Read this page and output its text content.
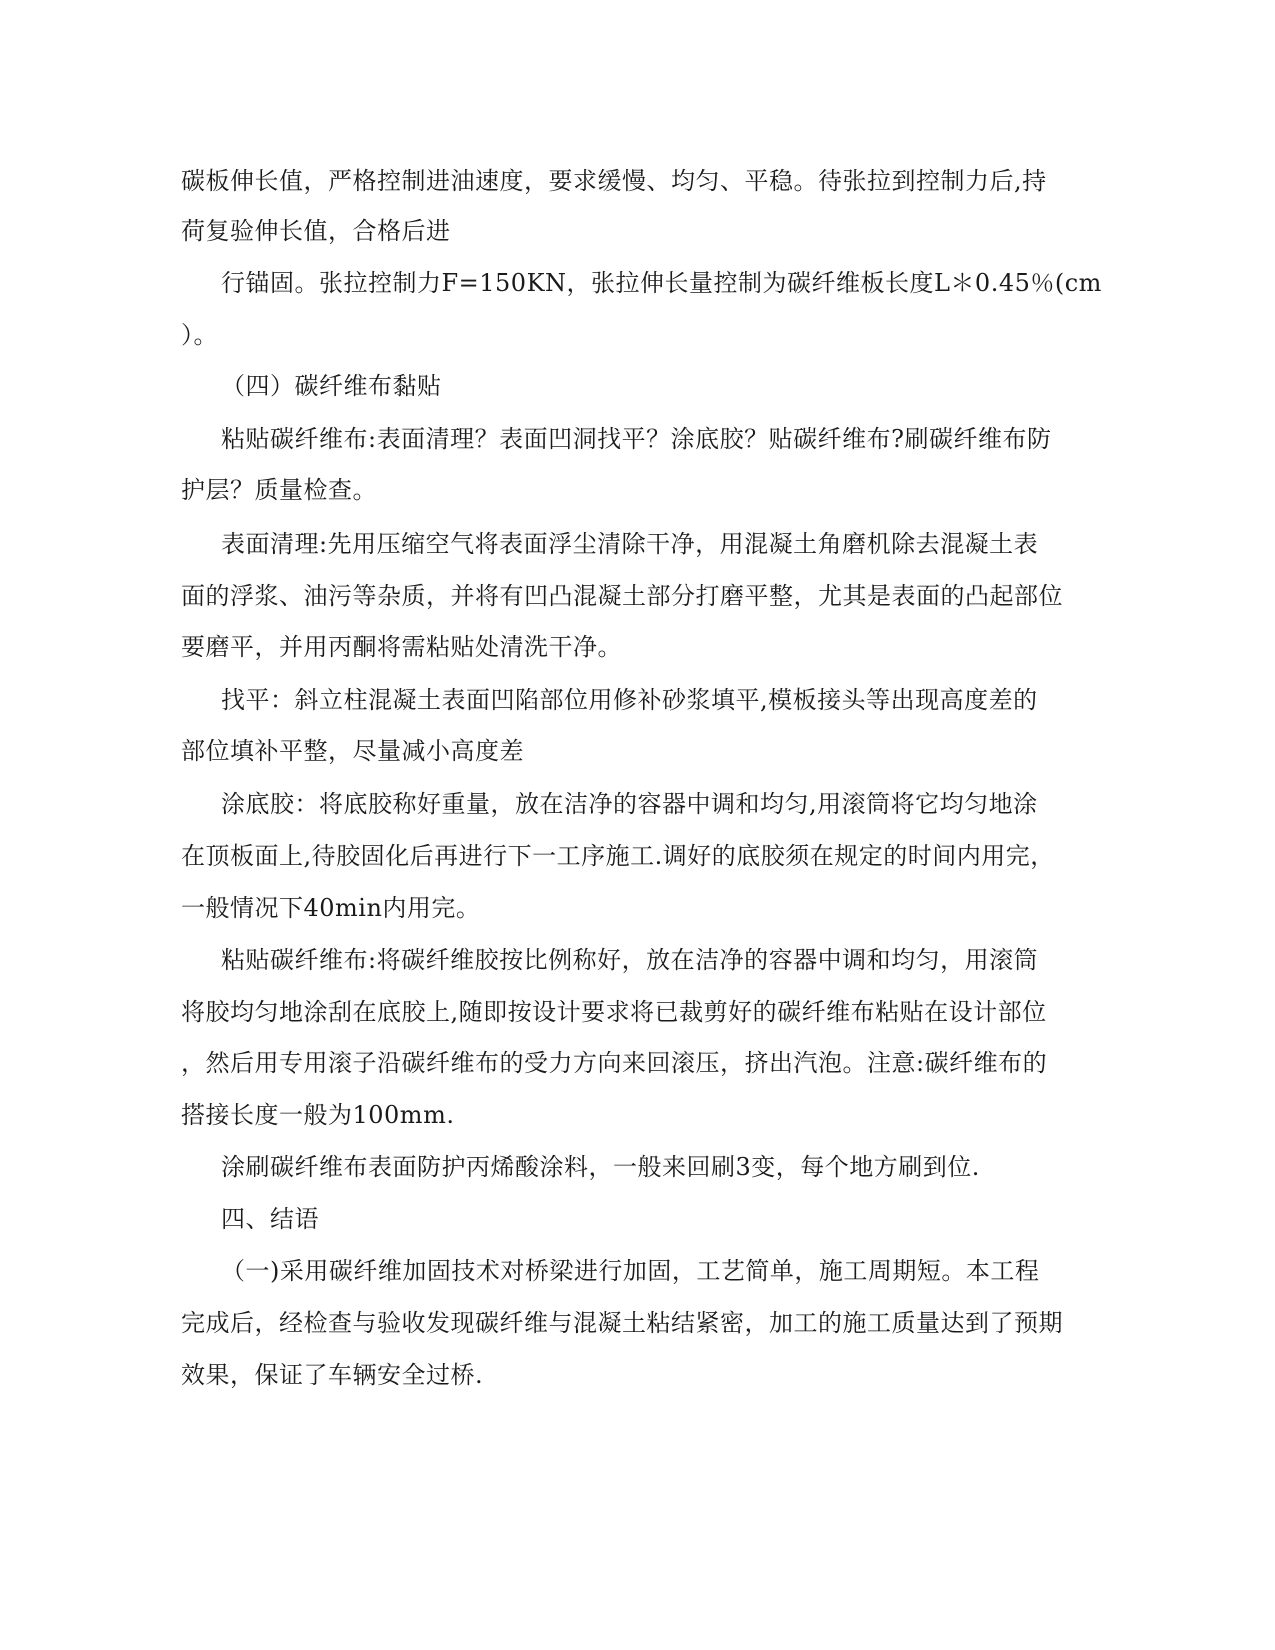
碳板伸长值，严格控制进油速度，要求缓慢、均匀、平稳。待张拉到控制力后,持
荷复验伸长值，合格后进
行锚固。张拉控制力F=150KN，张拉伸长量控制为碳纤维板长度L＊0.45％(cm
）。
（四）碳纤维布黏贴
粘贴碳纤维布:表面清理？表面凹洞找平？涂底胶？贴碳纤维布?刷碳纤维布防
护层？质量检查。
表面清理:先用压缩空气将表面浮尘清除干净，用混凝土角磨机除去混凝土表
面的浮浆、油污等杂质，并将有凹凸混凝土部分打磨平整，尤其是表面的凸起部位
要磨平，并用丙酮将需粘贴处清洗干净。
找平：斜立柱混凝土表面凹陷部位用修补砂浆填平,模板接头等出现高度差的
部位填补平整，尽量减小高度差
涂底胶：将底胶称好重量，放在洁净的容器中调和均匀,用滚筒将它均匀地涂
在顶板面上,待胶固化后再进行下一工序施工.调好的底胶须在规定的时间内用完，
一般情况下40min内用完。
粘贴碳纤维布:将碳纤维胶按比例称好，放在洁净的容器中调和均匀，用滚筒
将胶均匀地涂刮在底胶上,随即按设计要求将已裁剪好的碳纤维布粘贴在设计部位
，然后用专用滚子沿碳纤维布的受力方向来回滚压，挤出汽泡。注意:碳纤维布的
搭接长度一般为100mm.
涂刷碳纤维布表面防护丙烯酸涂料，一般来回刷3变，每个地方刷到位.
四、结语
（一)采用碳纤维加固技术对桥梁进行加固，工艺简单，施工周期短。本工程
完成后，经检查与验收发现碳纤维与混凝土粘结紧密，加工的施工质量达到了预期
效果，保证了车辆安全过桥.
